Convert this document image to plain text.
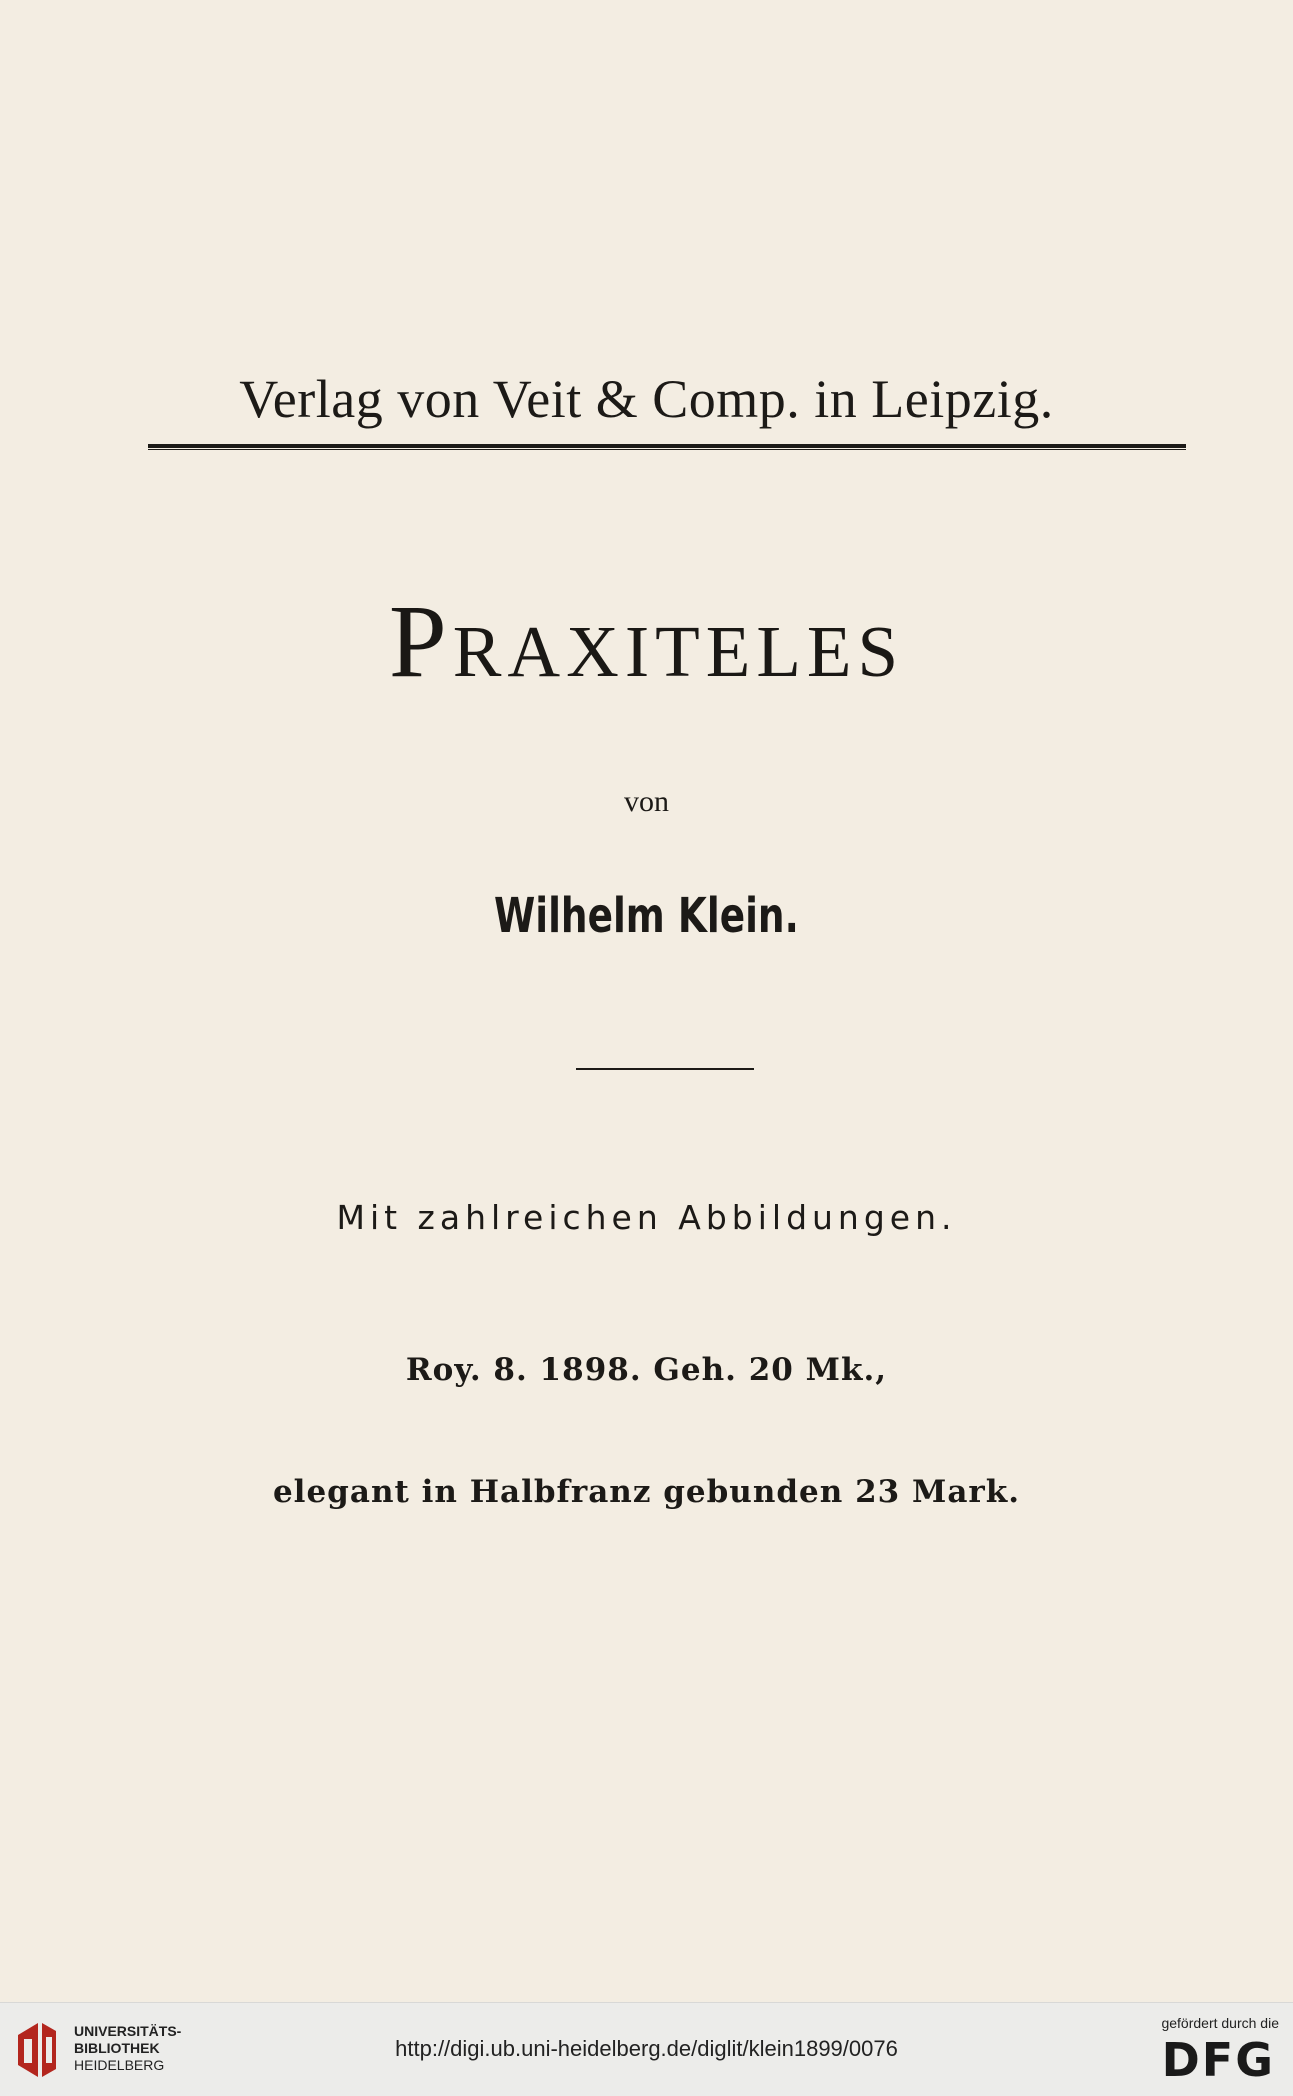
Verlag von Veit & Comp. in Leipzig.
Praxiteles
von
Wilhelm Klein.
Mit zahlreichen Abbildungen.
Roy. 8. 1898. Geh. 20 Mk.,
elegant in Halbfranz gebunden 23 Mark.
UNIVERSITÄTS-
BIBLIOTHEK
HEIDELBERG
http://digi.ub.uni-heidelberg.de/diglit/klein1899/0076
gefördert durch die
DFG
